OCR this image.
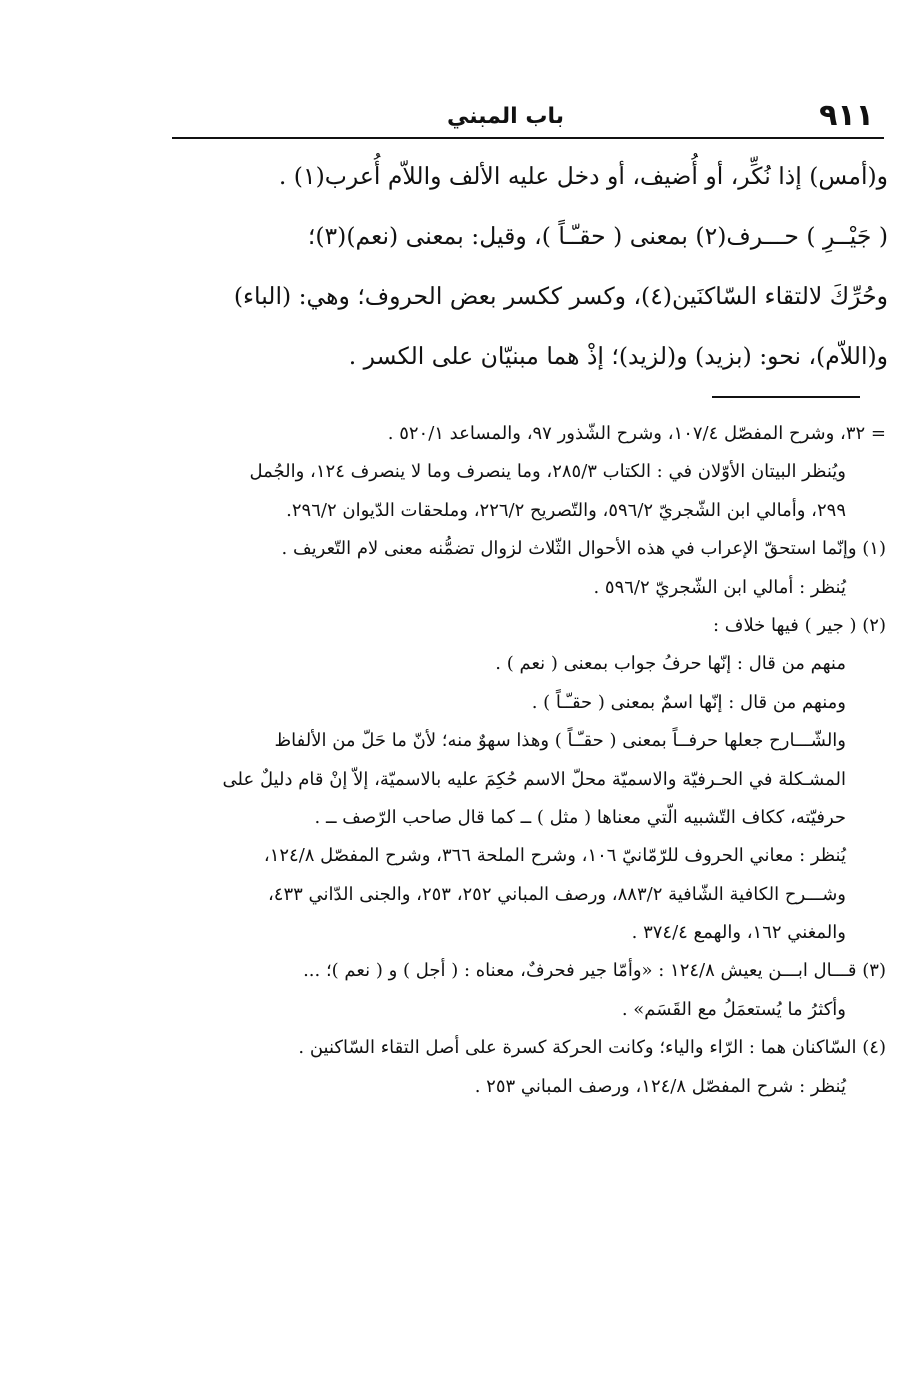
٩١١
باب المبني
و(أمس) إذا نُكِّر، أو أُضيف، أو دخل عليه الألف واللاّم أُعرب(١) .
( جَيْــرِ ) حـــرف(٢) بمعنى ( حقـّـاً )، وقيل: بمعنى (نعم)(٣)؛
وحُرِّكَ لالتقاء السّاكنَين(٤)، وكسر ككسر بعض الحروف؛ وهي: (الباء)
و(اللاّم)، نحو: (بزيد) و(لزيد)؛ إذْ هما مبنيّان على الكسر .
= ٣٢، وشرح المفصّل ١٠٧/٤، وشرح الشّذور ٩٧، والمساعد ٥٢٠/١ .
ويُنظر البيتان الأوّلان في : الكتاب ٢٨٥/٣، وما ينصرف وما لا ينصرف ١٢٤، والجُمل
٢٩٩، وأمالي ابن الشّجريّ ٥٩٦/٢، والتّصريح ٢٢٦/٢، وملحقات الدّيوان ٢٩٦/٢.
(١) وإنّما استحقّ الإعراب في هذه الأحوال الثّلاث لزوال تضمُّنه معنى لام التّعريف .
يُنظر : أمالي ابن الشّجريّ ٥٩٦/٢ .
(٢) ( جير ) فيها خلاف :
منهم من قال : إنّها حرفُ جواب بمعنى ( نعم ) .
ومنهم من قال : إنّها اسمٌ بمعنى ( حقـّـاً ) .
والشّـــارح جعلها حرفــاً بمعنى ( حقـّـاً ) وهذا سهوٌ منه؛ لأنّ ما حَلّ من الألفاظ
المشـكلة في الحـرفيّة والاسميّة محلّ الاسم حُكِمَ عليه بالاسميّة، إلاّ إنْ قام دليلٌ على
حرفيّته، ككاف التّشبيه الّتي معناها ( مثل ) ــ كما قال صاحب الرّصف ــ .
يُنظر : معاني الحروف للرّمّانيّ ١٠٦، وشرح الملحة ٣٦٦، وشرح المفصّل ١٢٤/٨،
وشـــرح الكافية الشّافية ٨٨٣/٢، ورصف المباني ٢٥٢، ٢٥٣، والجنى الدّاني ٤٣٣،
والمغني ١٦٢، والهمع ٣٧٤/٤ .
(٣) قـــال ابـــن يعيش ١٢٤/٨ : «وأمّا جير فحرفٌ، معناه : ( أجل ) و ( نعم )؛ ...
وأكثرُ ما يُستعمَلُ مع القَسَم» .
(٤) السّاكنان هما : الرّاء والياء؛ وكانت الحركة كسرة على أصل التقاء السّاكنين .
يُنظر : شرح المفصّل ١٢٤/٨، ورصف المباني ٢٥٣ .
